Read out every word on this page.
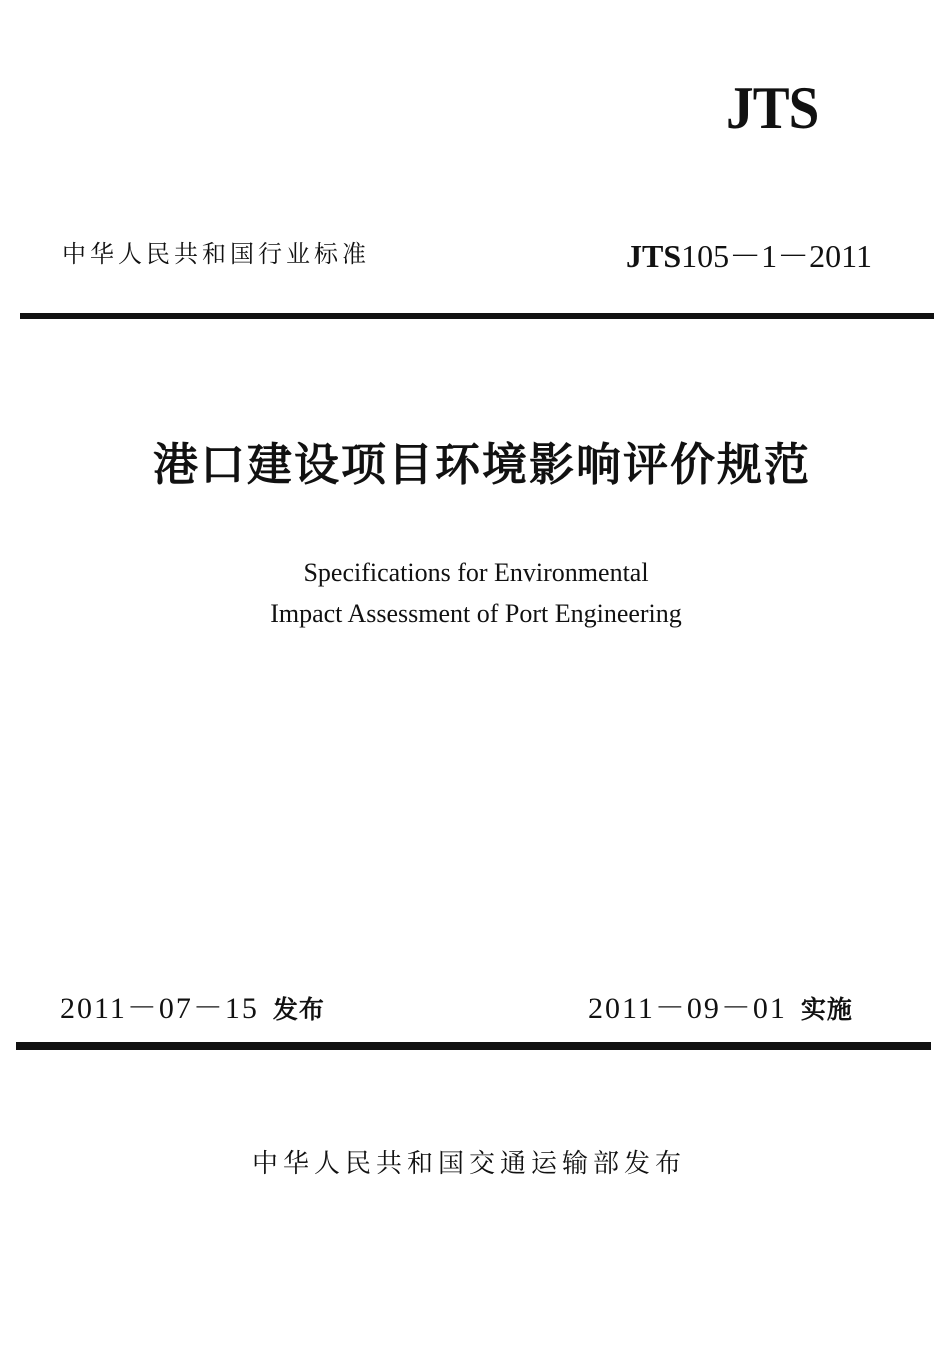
JTS
中华人民共和国行业标准	JTS105－1－2011
港口建设项目环境影响评价规范
Specifications for Environmental
Impact Assessment of Port Engineering
2011－07－15 发布	2011－09－01 实施
中华人民共和国交通运输部发布
